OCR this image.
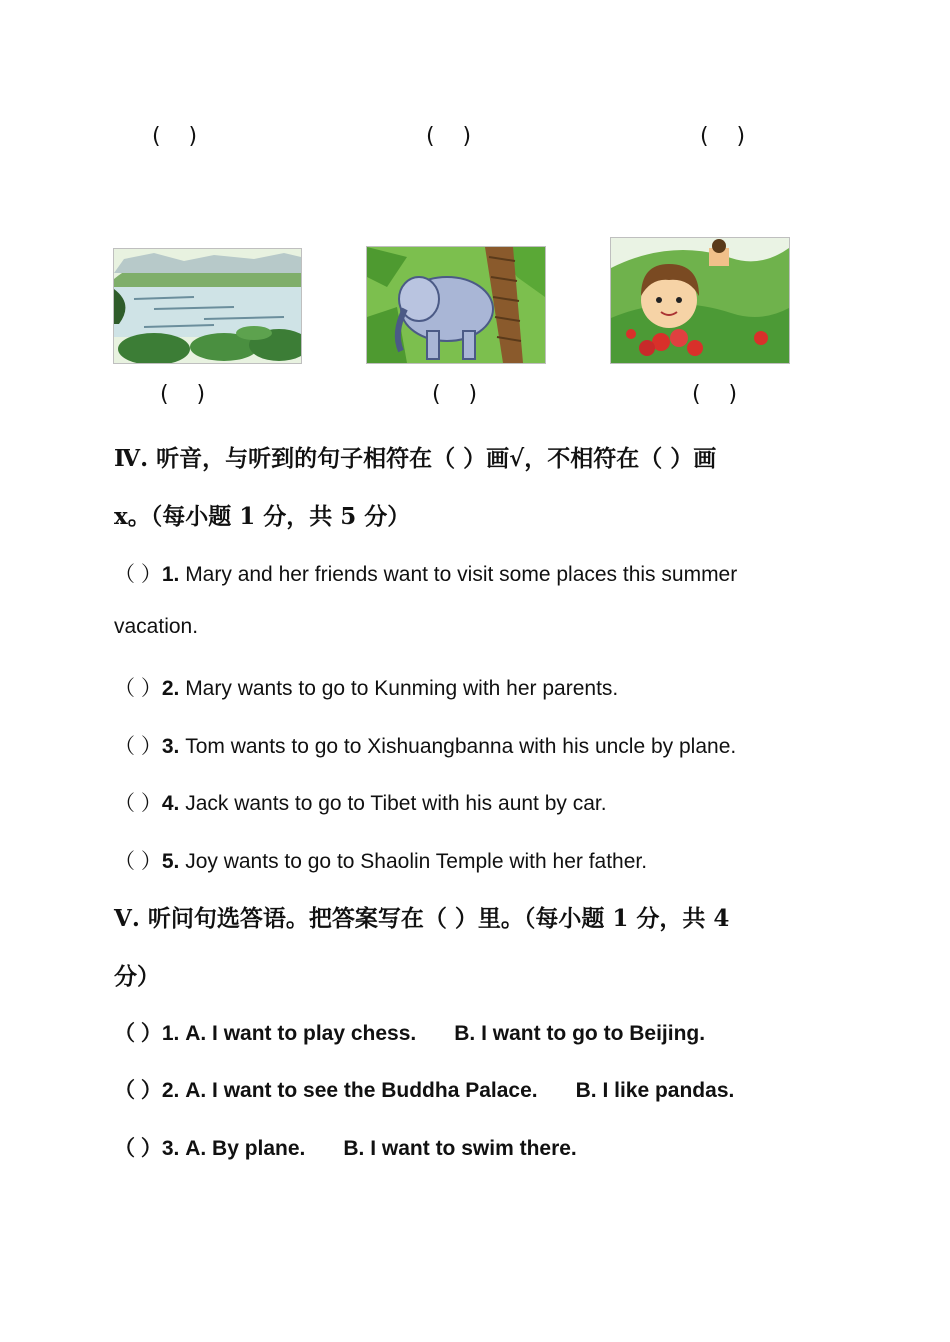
(    )	(    )	(    )
(    )	(    )	(    )
Ⅳ. 听音，与听到的句子相符在（ ）画√，不相符在（ ）画
x。（每小题 1 分，共 5 分）
（ ）1. Mary and her friends want to visit some places this summer
vacation.
（ ）2. Mary wants to go to Kunming with her parents.
（ ）3. Tom wants to go to Xishuangbanna with his uncle by plane.
（ ）4. Jack wants to go to Tibet with his aunt by car.
（ ）5. Joy wants to go to Shaolin Temple with her father.
Ⅴ. 听问句选答语。把答案写在（ ）里。（每小题 1 分，共 4
分）
（ ）1. A. I want to play chess. B. I want to go to Beijing.
（ ）2. A. I want to see the Buddha Palace. B. I like pandas.
（ ）3. A. By plane. B. I want to swim there.
